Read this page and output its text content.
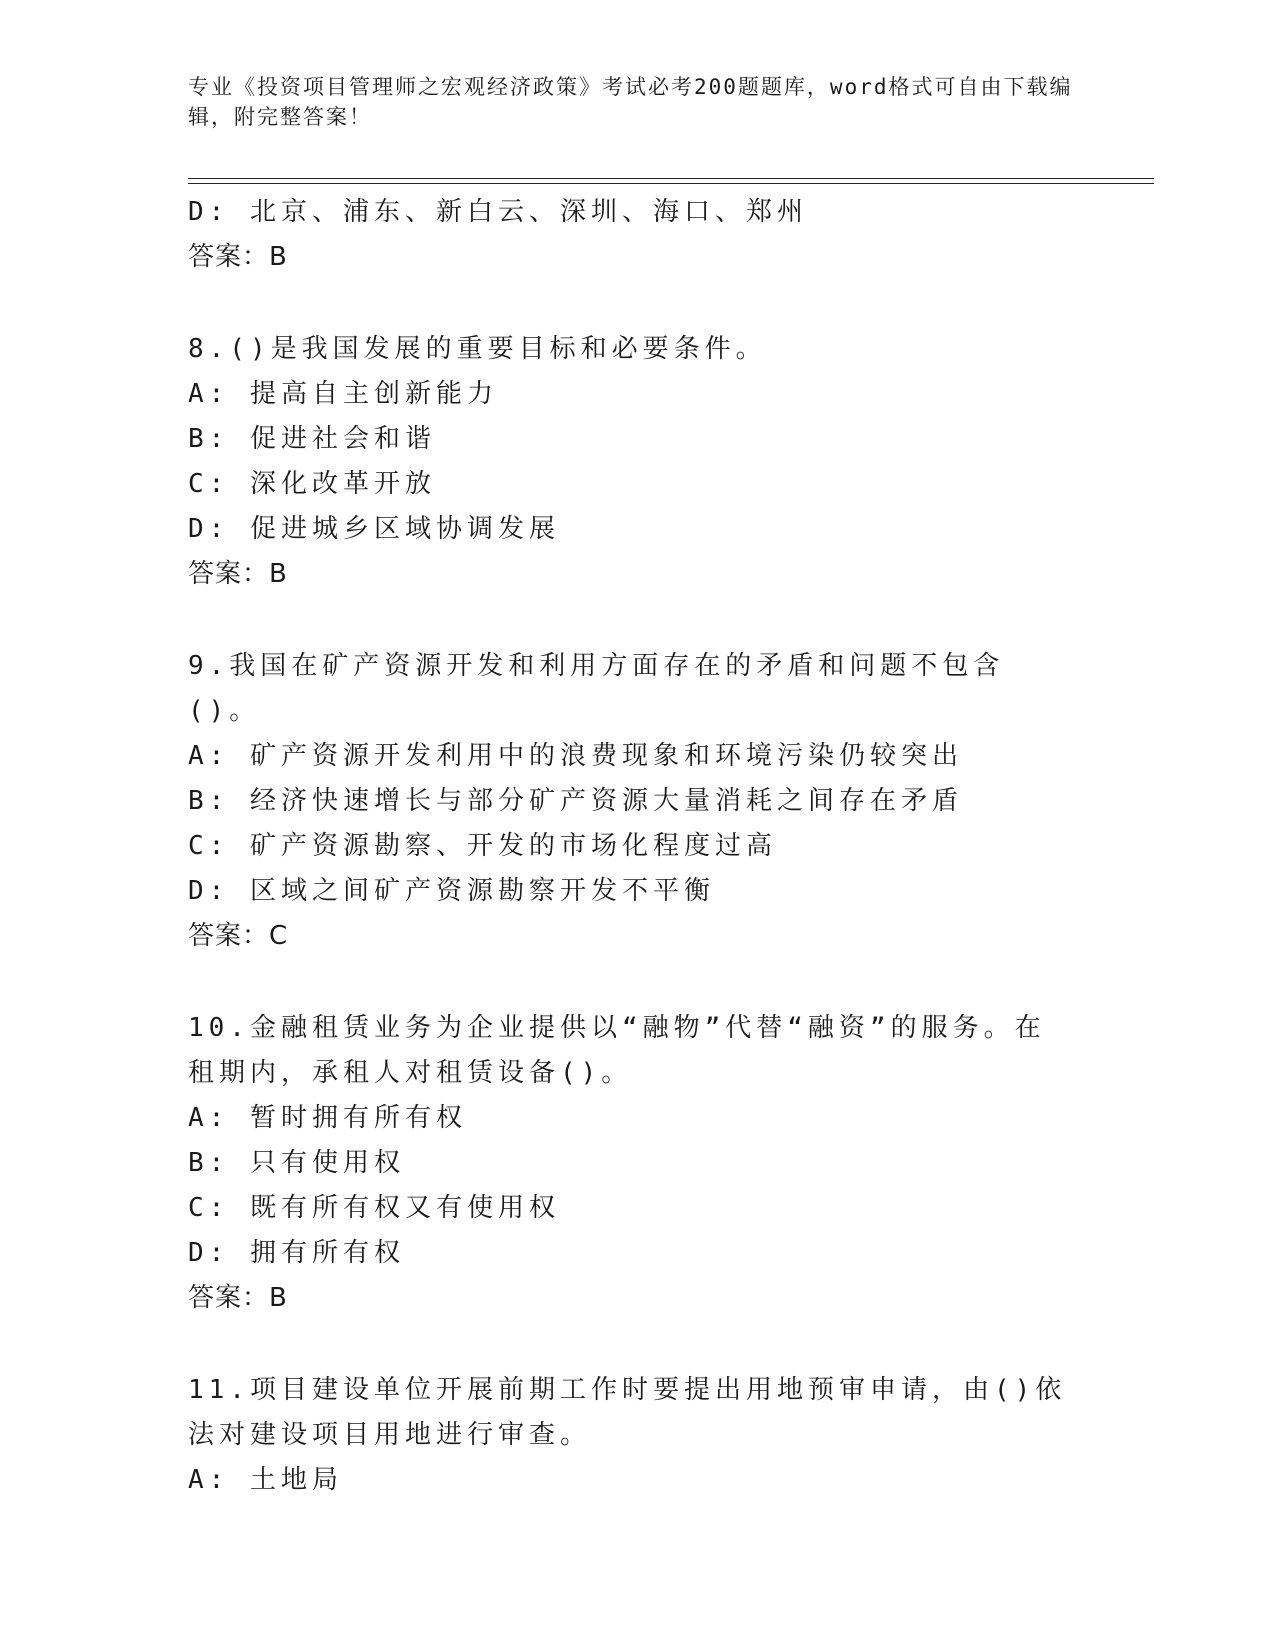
专业《投资项目管理师之宏观经济政策》考试必考200题题库，word格式可自由下载编辑，附完整答案！
D: 北京、浦东、新白云、深圳、海口、郑州
答案：B
8.()是我国发展的重要目标和必要条件。
A: 提高自主创新能力
B: 促进社会和谐
C: 深化改革开放
D: 促进城乡区域协调发展
答案：B
9.我国在矿产资源开发和利用方面存在的矛盾和问题不包含()。
A: 矿产资源开发利用中的浪费现象和环境污染仍较突出
B: 经济快速增长与部分矿产资源大量消耗之间存在矛盾
C: 矿产资源勘察、开发的市场化程度过高
D: 区域之间矿产资源勘察开发不平衡
答案：C
10.金融租赁业务为企业提供以“融物”代替“融资”的服务。在租期内，承租人对租赁设备()。
A: 暂时拥有所有权
B: 只有使用权
C: 既有所有权又有使用权
D: 拥有所有权
答案：B
11.项目建设单位开展前期工作时要提出用地预审申请，由()依法对建设项目用地进行审查。
A: 土地局
